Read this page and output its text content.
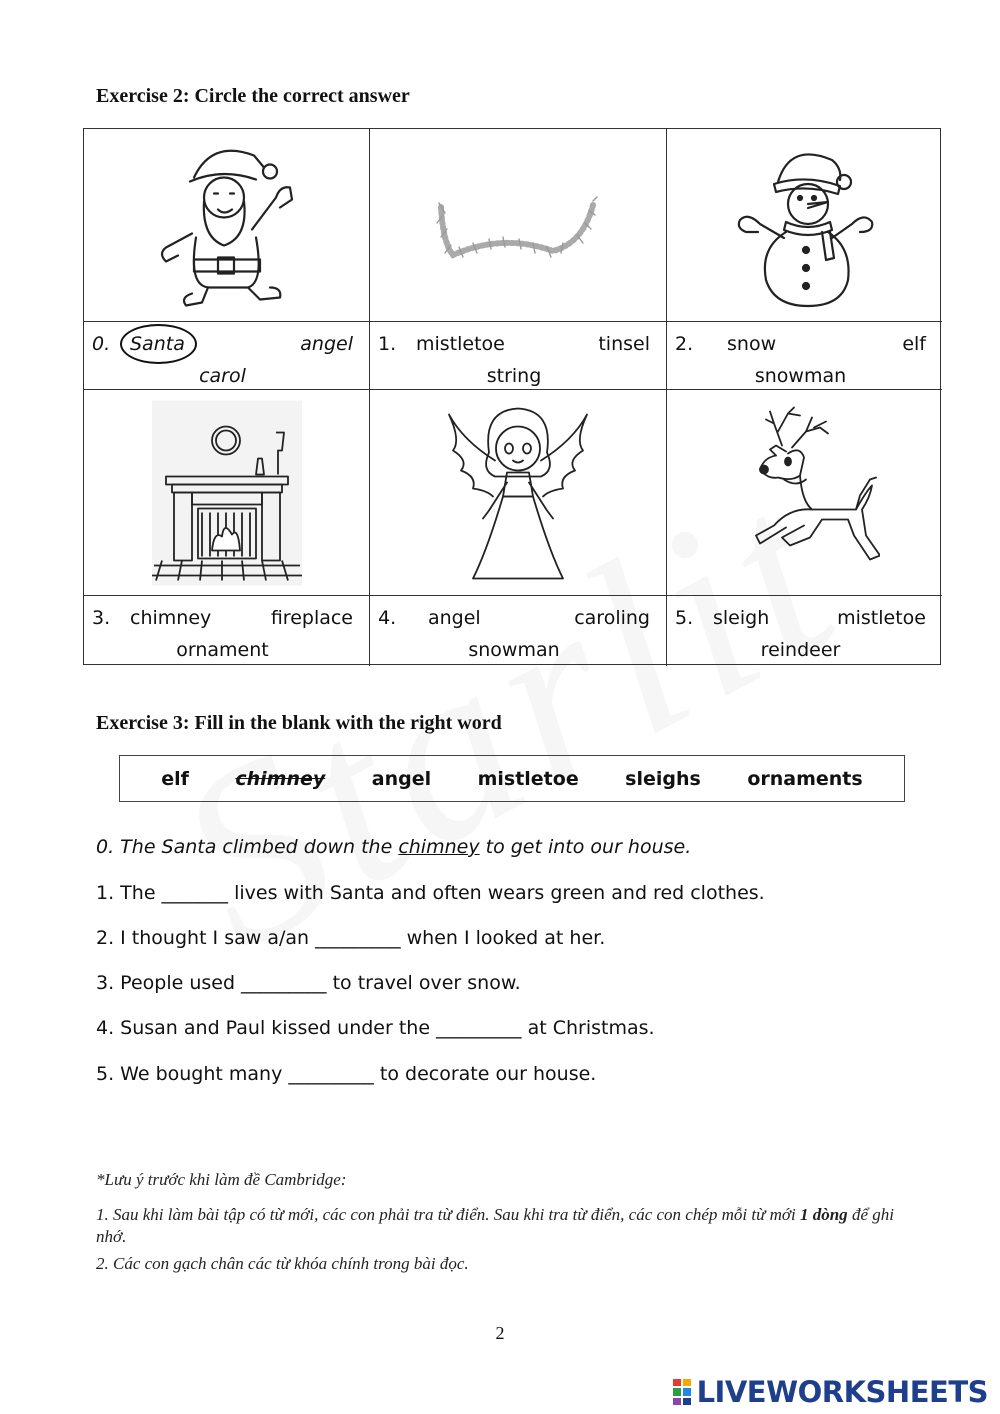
Exercise 2: Circle the correct answer
0. Santa	angel
carol
1. mistletoe	tinsel
string
2. snow	elf
snowman
3. chimney	fireplace
ornament
4. angel	caroling
snowman
5. sleigh	mistletoe
reindeer
Exercise 3: Fill in the blank with the right word
elf chimney angel mistletoe sleighs ornaments
0. The Santa climbed down the chimney to get into our house.
1. The _______ lives with Santa and often wears green and red clothes.
2. I thought I saw a/an _________ when I looked at her.
3. People used _________ to travel over snow.
4. Susan and Paul kissed under the _________ at Christmas.
5. We bought many _________ to decorate our house.
*Lưu ý trước khi làm đề Cambridge:
1. Sau khi làm bài tập có từ mới, các con phải tra từ điển. Sau khi tra từ điển, các con chép mỗi từ mới 1 dòng để ghi nhớ.
2. Các con gạch chân các từ khóa chính trong bài đọc.
2
LIVEWORKSHEETS
